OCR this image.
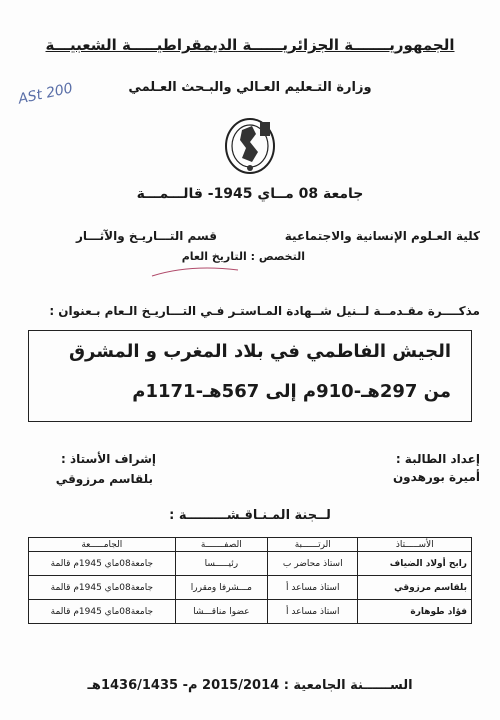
الجمهوريـــــــة الجزائريــــــة الديمقراطيـــــة الشعبيـــة
وزارة التـعليم العـالي والبـحث العـلمي
ASt 200
جامعة 08 مــاي 1945- قالـــمـــة
كلية العـلوم الإنسانية والاجتماعية
قسم التـــاريـخ والآثـــار
التخصص : التاريخ العام
مذكــــرة مقـدمــة لــنيل شــهادة المـاستـر فـي التـــاريـخ الـعام بـعنوان :
الجيش الفاطمي في بلاد المغرب و المشرق
من 297هـ-910م إلى 567هـ-1171م
إعداد الطالبة :
أميرة بورهدون
إشراف الأستاذ :
بلقاسم مرزوقي
لــجنة المـنـاقـشـــــــــة :
الأســـــتاذ	الرتــــــبة	الصفـــــــة	الجامـــــعة
رابح أولاد الضياف	استاذ محاضر ب	رئيـــــسا	جامعة08ماي 1945م قالمة
بلقاسم مرزوقي	استاذ مساعد أ	مـــشرفا ومقررا	جامعة08ماي 1945م قالمة
فؤاد طوهارة	استاذ مساعد أ	عضوا مناقـــشا	جامعة08ماي 1945م قالمة
الســــــنة الجامعية : 2015/2014 م- 1436/1435هـ
